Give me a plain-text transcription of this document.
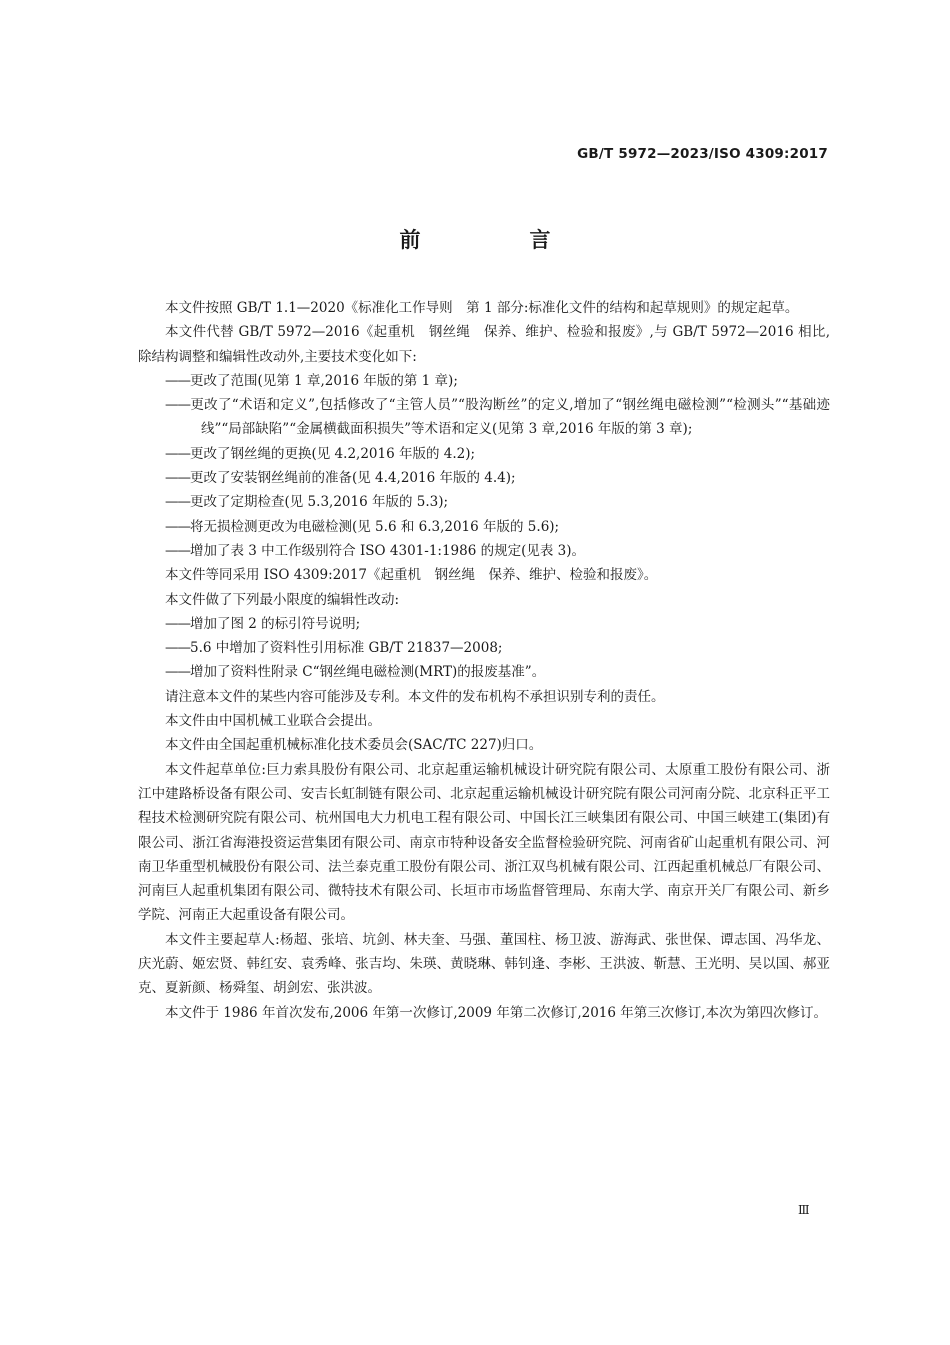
GB/T 5972—2023/ISO 4309:2017
前　言

本文件按照 GB/T 1.1—2020《标准化工作导则　第 1 部分:标准化文件的结构和起草规则》的规定起草。

本文件代替 GB/T 5972—2016《起重机　钢丝绳　保养、维护、检验和报废》,与 GB/T 5972—2016 相比,除结构调整和编辑性改动外,主要技术变化如下:

—— 更改了范围(见第 1 章,2016 年版的第 1 章);

—— 更改了“术语和定义”,包括修改了“主管人员”“股沟断丝”的定义,增加了“钢丝绳电磁检测”“检测头”“基础迹线”“局部缺陷”“金属横截面积损失”等术语和定义(见第 3 章,2016 年版的第 3 章);

—— 更改了钢丝绳的更换(见 4.2,2016 年版的 4.2);

—— 更改了安装钢丝绳前的准备(见 4.4,2016 年版的 4.4);

—— 更改了定期检查(见 5.3,2016 年版的 5.3);

—— 将无损检测更改为电磁检测(见 5.6 和 6.3,2016 年版的 5.6);

—— 增加了表 3 中工作级别符合 ISO 4301-1:1986 的规定(见表 3)。

本文件等同采用 ISO 4309:2017《起重机　钢丝绳　保养、维护、检验和报废》。

本文件做了下列最小限度的编辑性改动:

—— 增加了图 2 的标引符号说明;

—— 5.6 中增加了资料性引用标准 GB/T 21837—2008;

—— 增加了资料性附录 C“钢丝绳电磁检测(MRT)的报废基准”。

请注意本文件的某些内容可能涉及专利。本文件的发布机构不承担识别专利的责任。

本文件由中国机械工业联合会提出。

本文件由全国起重机械标准化技术委员会(SAC/TC 227)归口。

本文件起草单位:巨力索具股份有限公司、北京起重运输机械设计研究院有限公司、太原重工股份有限公司、浙江中建路桥设备有限公司、安吉长虹制链有限公司、北京起重运输机械设计研究院有限公司河南分院、北京科正平工程技术检测研究院有限公司、杭州国电大力机电工程有限公司、中国长江三峡集团有限公司、中国三峡建工(集团)有限公司、浙江省海港投资运营集团有限公司、南京市特种设备安全监督检验研究院、河南省矿山起重机有限公司、河南卫华重型机械股份有限公司、法兰泰克重工股份有限公司、浙江双鸟机械有限公司、江西起重机械总厂有限公司、河南巨人起重机集团有限公司、微特技术有限公司、长垣市市场监督管理局、东南大学、南京开关厂有限公司、新乡学院、河南正大起重设备有限公司。

本文件主要起草人:杨超、张培、坑剑、林夫奎、马强、董国柱、杨卫波、游海武、张世保、谭志国、冯华龙、庆光蔚、姬宏贤、韩红安、袁秀峰、张吉均、朱瑛、黄晓琳、韩钊逢、李彬、王洪波、靳慧、王光明、吴以国、郝亚克、夏新颜、杨舜玺、胡剑宏、张洪波。

本文件于 1986 年首次发布,2006 年第一次修订,2009 年第二次修订,2016 年第三次修订,本次为第四次修订。

Ⅲ
